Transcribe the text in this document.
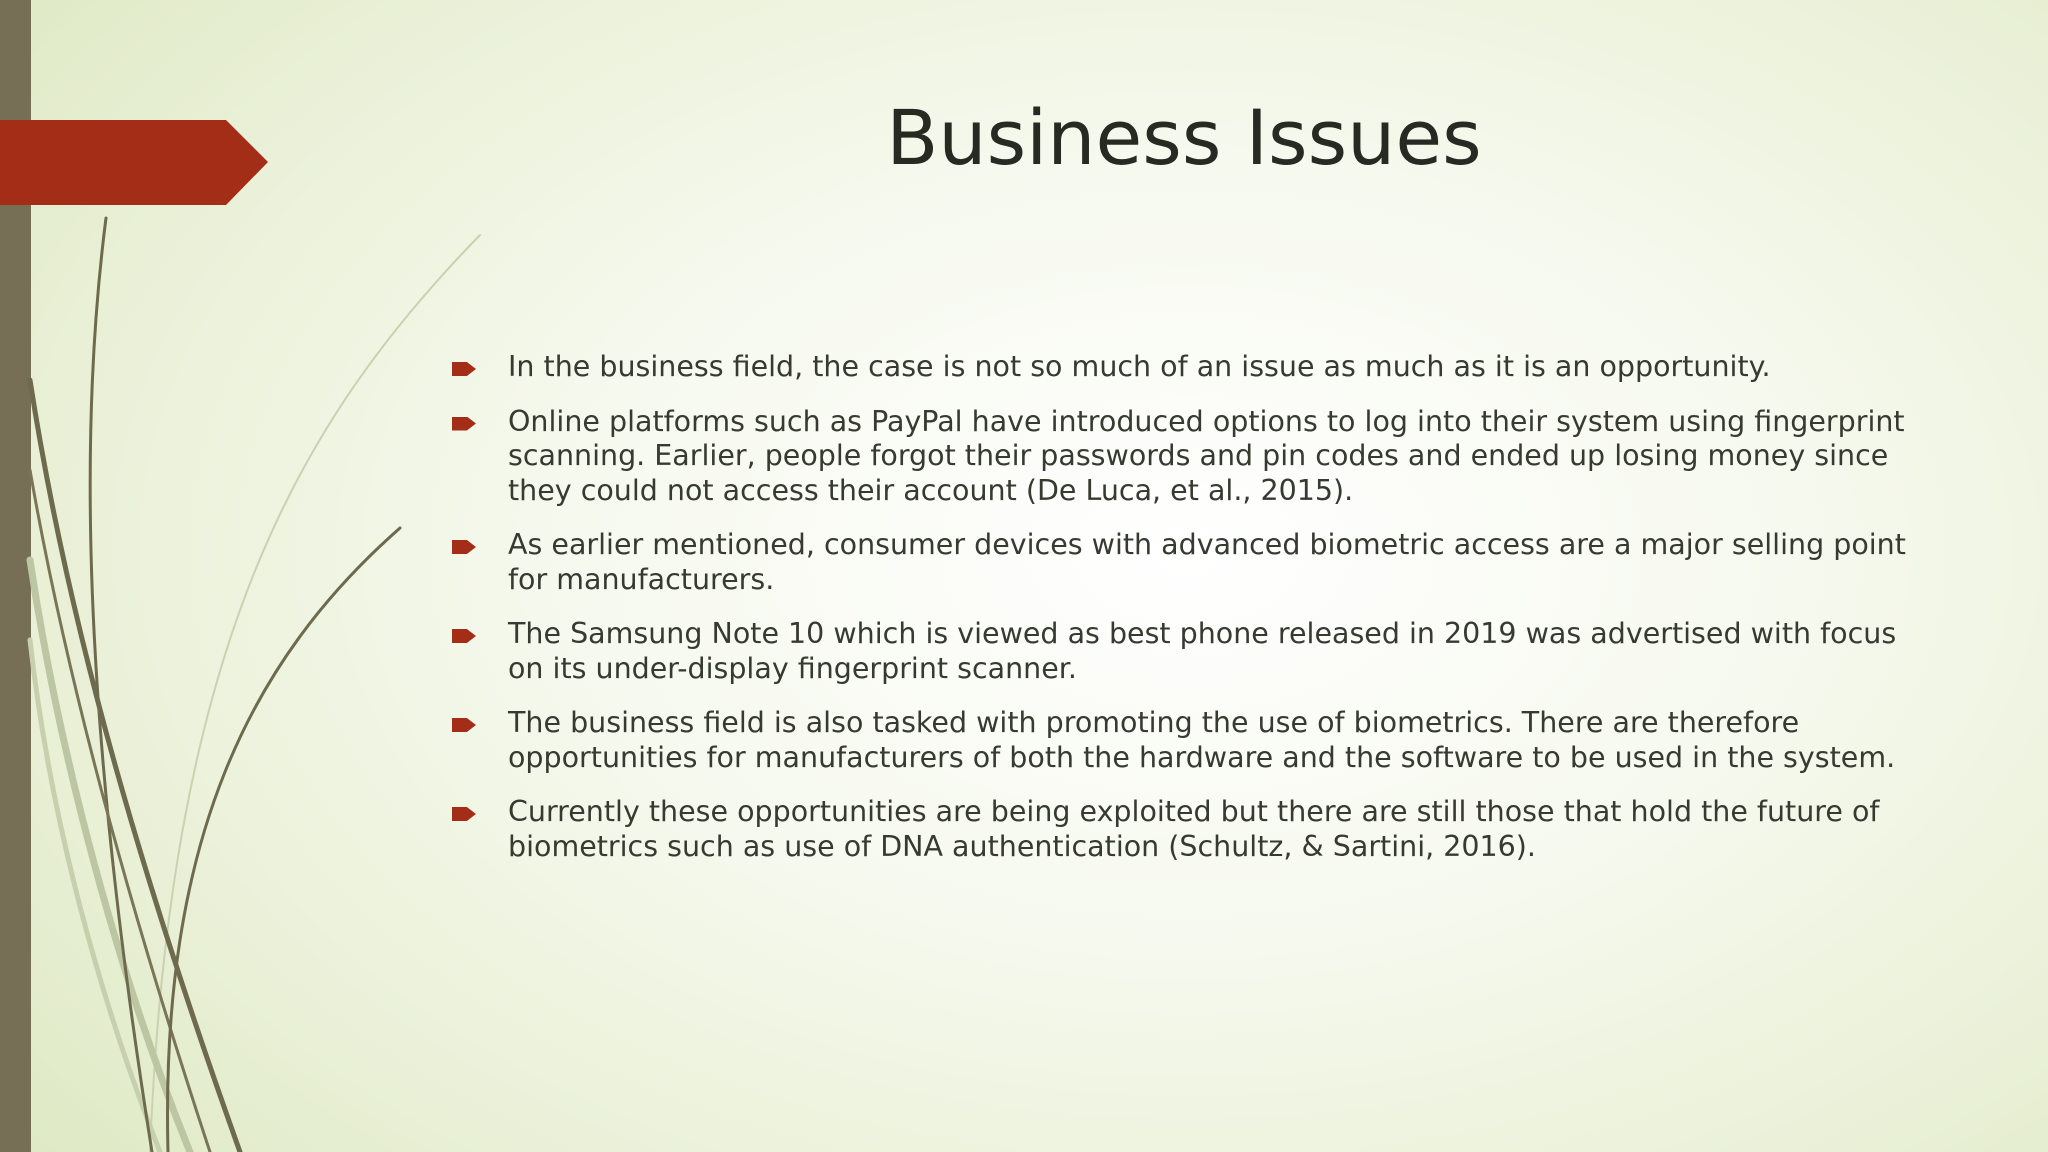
Business Issues
In the business field, the case is not so much of an issue as much as it is an opportunity.
Online platforms such as PayPal have introduced options to log into their system using fingerprint scanning. Earlier, people forgot their passwords and pin codes and ended up losing money since they could not access their account (De Luca, et al., 2015).
As earlier mentioned, consumer devices with advanced biometric access are a major selling point for manufacturers.
The Samsung Note 10 which is viewed as best phone released in 2019 was advertised with focus on its under-display fingerprint scanner.
The business field is also tasked with promoting the use of biometrics. There are therefore opportunities for manufacturers of both the hardware and the software to be used in the system.
Currently these opportunities are being exploited but there are still those that hold the future of biometrics such as use of DNA authentication (Schultz, & Sartini, 2016).
